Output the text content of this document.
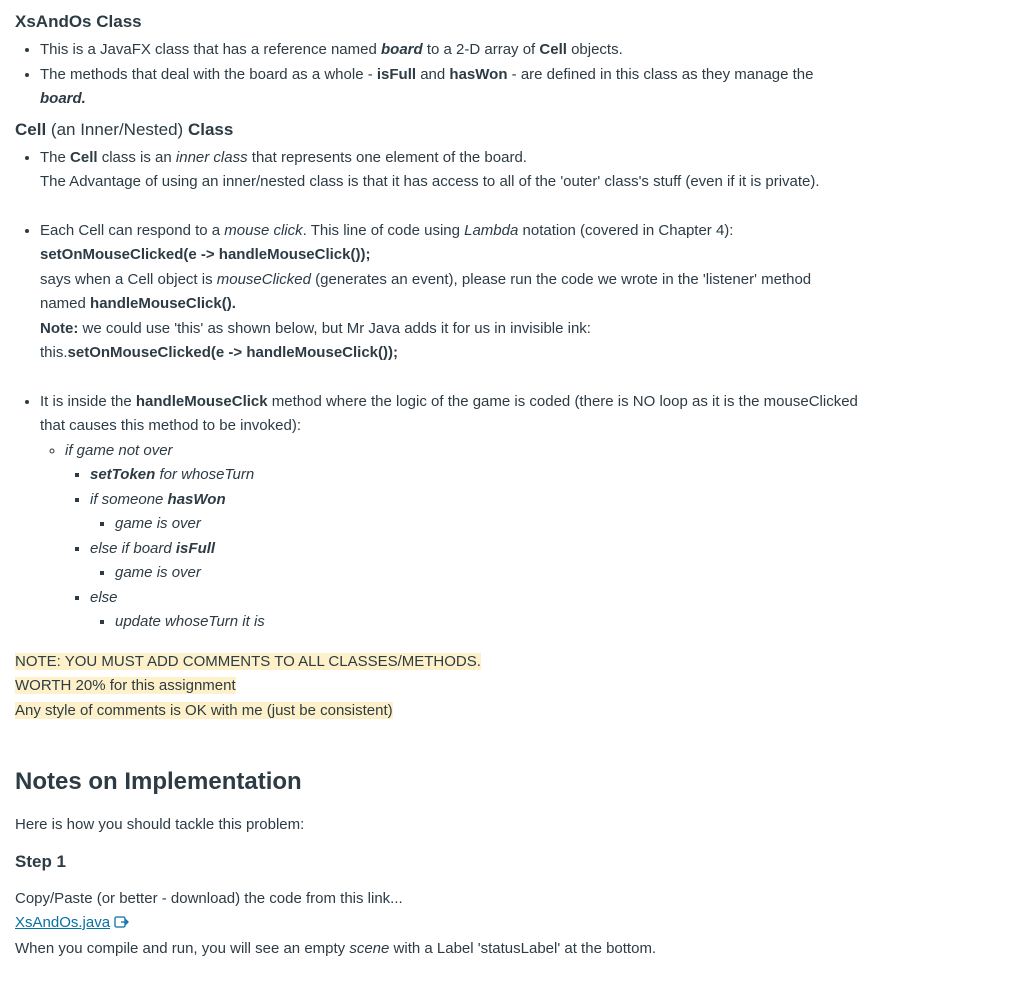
XsAndOs Class
• This is a JavaFX class that has a reference named board to a 2-D array of Cell objects.
• The methods that deal with the board as a whole - isFull and hasWon - are defined in this class as they manage the board.
Cell (an Inner/Nested) Class
• The Cell class is an inner class that represents one element of the board.
The Advantage of using an inner/nested class is that it has access to all of the 'outer' class's stuff (even if it is private).
• Each Cell can respond to a mouse click. This line of code using Lambda notation (covered in Chapter 4):
setOnMouseClicked(e -> handleMouseClick());
says when a Cell object is mouseClicked (generates an event), please run the code we wrote in the 'listener' method named handleMouseClick().
Note: we could use 'this' as shown below, but Mr Java adds it for us in invisible ink:
this.setOnMouseClicked(e -> handleMouseClick());
• It is inside the handleMouseClick method where the logic of the game is coded (there is NO loop as it is the mouseClicked that causes this method to be invoked):
◦ if game not over
▪ setToken for whoseTurn
▪ if someone hasWon
▪ game is over
▪ else if board isFull
▪ game is over
▪ else
▪ update whoseTurn it is
NOTE: YOU MUST ADD COMMENTS TO ALL CLASSES/METHODS.
WORTH 20% for this assignment
Any style of comments is OK with me (just be consistent)
Notes on Implementation

Here is how you should tackle this problem:

Step 1

Copy/Paste (or better - download) the code from this link...

XsAndOs.java

When you compile and run, you will see an empty scene with a Label 'statusLabel' at the bottom.
